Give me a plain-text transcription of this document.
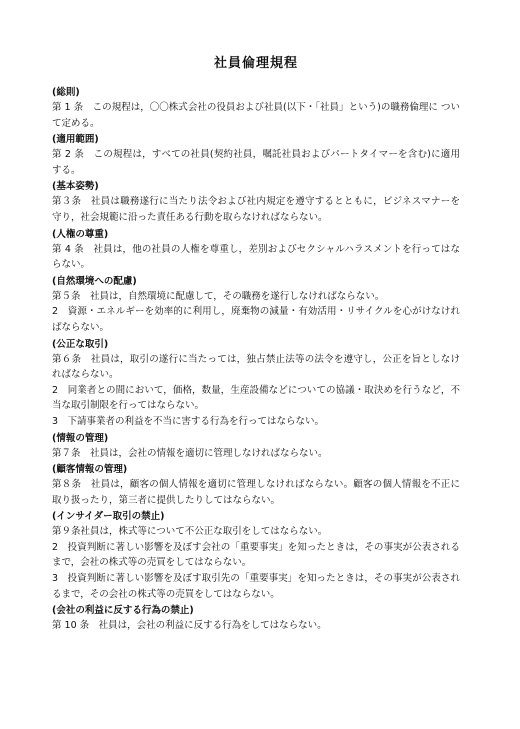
社員倫理規程
(総則)
第 1 条　この規程は，〇〇株式会社の役員および社員(以下・「社員」という)の職務倫理に ついて定める。
(適用範囲)
第 2 条　この規程は，すべての社員(契約社員，嘱託社員およびパートタイマーを含む)に適用する。
(基本姿勢)
第３条　社員は職務遂行に当たり法令および社内規定を遵守するとともに，ビジネスマナーを守り，社会規範に沿った責任ある行動を取らなければならない。
(人権の尊重)
第 4 条　社員は，他の社員の人権を尊重し，差別およびセクシャルハラスメントを行ってはならない。
(自然環境への配慮)
第５条　社員は，自然環境に配慮して，その職務を遂行しなければならない。
2　資源・エネルギーを効率的に利用し，廃棄物の減量・有効活用・リサイクルを心がけなければならない。
(公正な取引)
第６条　社員は，取引の遂行に当たっては，独占禁止法等の法令を遵守し，公正を旨としなければならない。
2　同業者との間において，価格，数量，生産設備などについての協議・取決めを行うなど，不当な取引制限を行ってはならない。
3　下請事業者の利益を不当に害する行為を行ってはならない。
(情報の管理)
第７条　社員は，会社の情報を適切に管理しなければならない。
(顧客情報の管理)
第８条　社員は，顧客の個人情報を適切に管理しなければならない。顧客の個人情報を不正に取り扱ったり，第三者に提供したりしてはならない。
(インサイダー取引の禁止)
第９条社員は，株式等について不公正な取引をしてはならない。
2　投資判断に著しい影響を及ぼす会社の「重要事実」を知ったときは，その事実が公表されるまで，会社の株式等の売買をしてはならない。
3　投資判断に著しい影響を及ぼす取引先の「重要事実」を知ったときは，その事実が公表されるまで，その会社の株式等の売買をしてはならない。
(会社の利益に反する行為の禁止)
第 10 条　社員は，会社の利益に反する行為をしてはならない。
